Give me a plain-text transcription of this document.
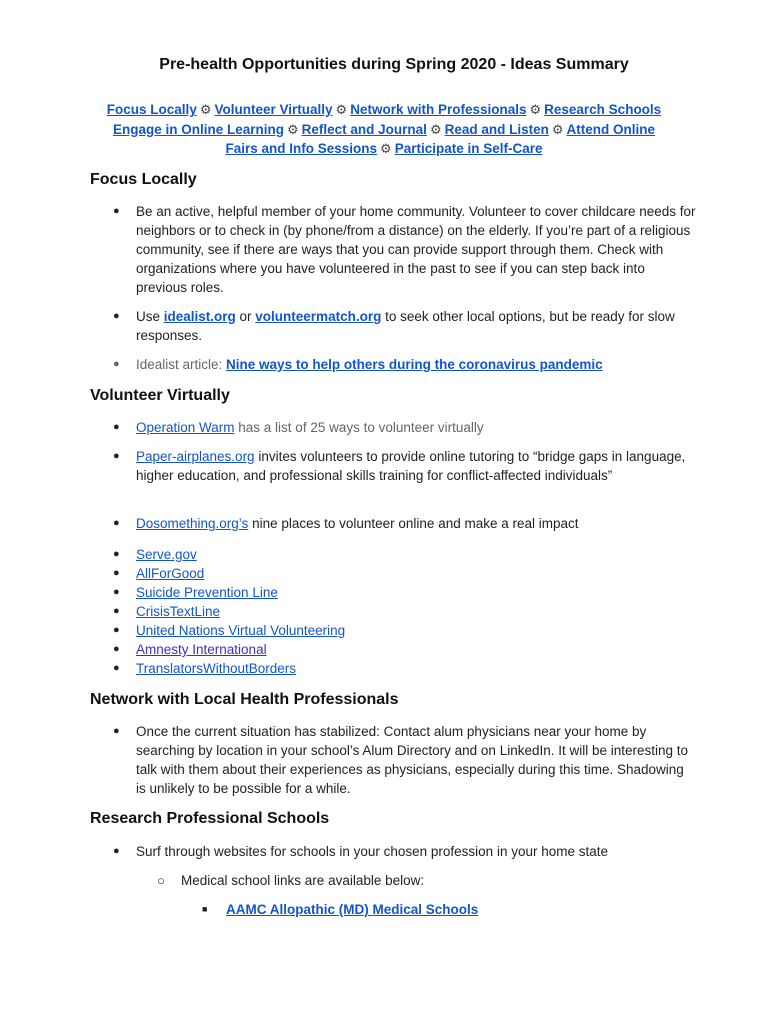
Pre-health Opportunities during Spring 2020 - Ideas Summary
Focus Locally ⚙ Volunteer Virtually ⚙ Network with Professionals ⚙ Research Schools
Engage in Online Learning ⚙ Reflect and Journal ⚙ Read and Listen ⚙ Attend Online
Fairs and Info Sessions ⚙ Participate in Self-Care
Focus Locally
● Be an active, helpful member of your home community. Volunteer to cover childcare needs for neighbors or to check in (by phone/from a distance) on the elderly. If you’re part of a religious community, see if there are ways that you can provide support through them. Check with organizations where you have volunteered in the past to see if you can step back into previous roles.
● Use idealist.org or volunteermatch.org to seek other local options, but be ready for slow responses.
● Idealist article: Nine ways to help others during the coronavirus pandemic
Volunteer Virtually
● Operation Warm has a list of 25 ways to volunteer virtually
● Paper-airplanes.org invites volunteers to provide online tutoring to “bridge gaps in language, higher education, and professional skills training for conflict-affected individuals”
● Dosomething.org’s nine places to volunteer online and make a real impact
● Serve.gov
● AllForGood
● Suicide Prevention Line
● CrisisTextLine
● United Nations Virtual Volunteering
● Amnesty International
● TranslatorsWithoutBorders
Network with Local Health Professionals
● Once the current situation has stabilized: Contact alum physicians near your home by searching by location in your school’s Alum Directory and on LinkedIn. It will be interesting to talk with them about their experiences as physicians, especially during this time. Shadowing is unlikely to be possible for a while.
Research Professional Schools
● Surf through websites for schools in your chosen profession in your home state
○ Medical school links are available below:
■ AAMC Allopathic (MD) Medical Schools
